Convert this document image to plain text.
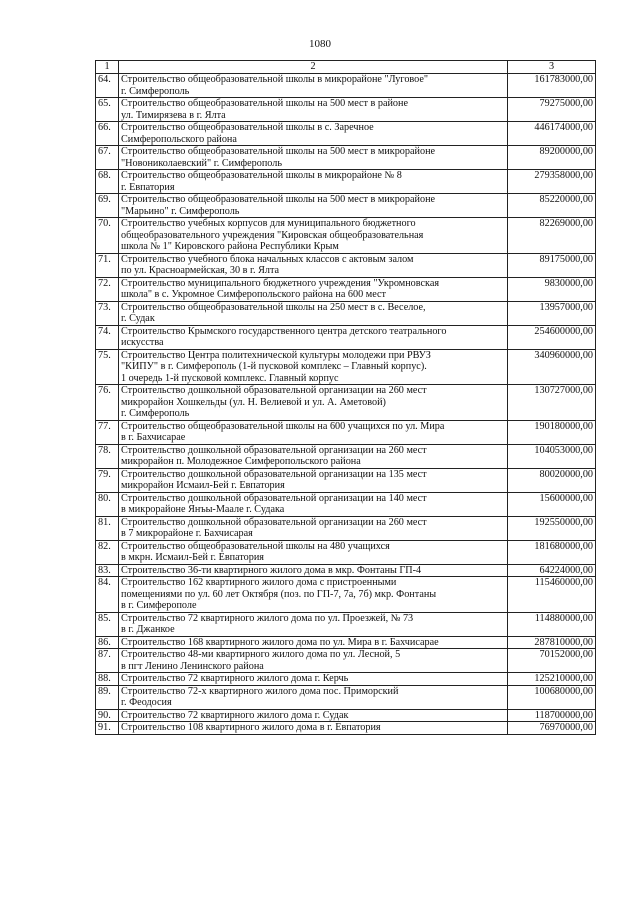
1080
1	2	3
64.	Строительство общеобразовательной школы в микрорайоне "Луговое"
г. Симферополь	161783000,00
65.	Строительство общеобразовательной школы на 500 мест в районе
ул. Тимирязева в г. Ялта	79275000,00
66.	Строительство общеобразовательной школы в с. Заречное
Симферопольского района	446174000,00
67.	Строительство общеобразовательной школы на 500 мест в микрорайоне
"Новониколаевский" г. Симферополь	89200000,00
68.	Строительство общеобразовательной школы в микрорайоне № 8
г. Евпатория	279358000,00
69.	Строительство общеобразовательной школы на 500 мест в микрорайоне
"Марьино" г. Симферополь	85220000,00
70.	Строительство учебных корпусов для муниципального бюджетного
общеобразовательного учреждения "Кировская общеобразовательная
школа № 1" Кировского района Республики Крым	82269000,00
71.	Строительство учебного блока начальных классов с актовым залом
по ул. Красноармейская, 30 в г. Ялта	89175000,00
72.	Строительство муниципального бюджетного учреждения "Укромновская
школа" в с. Укромное Симферопольского района на 600 мест	9830000,00
73.	Строительство общеобразовательной школы на 250 мест в с. Веселое,
г. Судак	13957000,00
74.	Строительство Крымского государственного центра детского театрального
искусства	254600000,00
75.	Строительство Центра политехнической культуры молодежи при РВУЗ
"КИПУ" в г. Симферополь (1-й пусковой комплекс – Главный корпус).
1 очередь 1-й пусковой комплекс. Главный корпус	340960000,00
76.	Строительство дошкольной образовательной организации на 260 мест
микрорайон Хошкельды (ул. Н. Велиевой и ул. А. Аметовой)
г. Симферополь	130727000,00
77.	Строительство общеобразовательной школы на 600 учащихся по ул. Мира
в г. Бахчисарае	190180000,00
78.	Строительство дошкольной образовательной организации на 260 мест
микрорайон п. Молодежное Симферопольского района	104053000,00
79.	Строительство дошкольной образовательной организации на 135 мест
микрорайон Исмаил-Бей г. Евпатория	80020000,00
80.	Строительство дошкольной образовательной организации на 140 мест
в микрорайоне Янъы-Маале г. Судака	15600000,00
81.	Строительство дошкольной образовательной организации на 260 мест
в 7 микрорайоне г. Бахчисарая	192550000,00
82.	Строительство общеобразовательной школы на 480 учащихся
в мкрн. Исмаил-Бей г. Евпатория	181680000,00
83.	Строительство 36-ти квартирного жилого дома в мкр. Фонтаны ГП-4	64224000,00
84.	Строительство 162 квартирного жилого дома с пристроенными
помещениями по ул. 60 лет Октября (поз. по ГП-7, 7а, 7б) мкр. Фонтаны
в г. Симферополе	115460000,00
85.	Строительство 72 квартирного жилого дома по ул. Проезжей, № 73
в г. Джанкое	114880000,00
86.	Строительство 168 квартирного жилого дома по ул. Мира в г. Бахчисарае	287810000,00
87.	Строительство 48-ми квартирного жилого дома по ул. Лесной, 5
в пгт Ленино Ленинского района	70152000,00
88.	Строительство 72 квартирного жилого дома г. Керчь	125210000,00
89.	Строительство 72-х квартирного жилого дома пос. Приморский
г. Феодосия	100680000,00
90.	Строительство 72 квартирного жилого дома г. Судак	118700000,00
91.	Строительство 108 квартирного жилого дома в г. Евпатория	76970000,00
